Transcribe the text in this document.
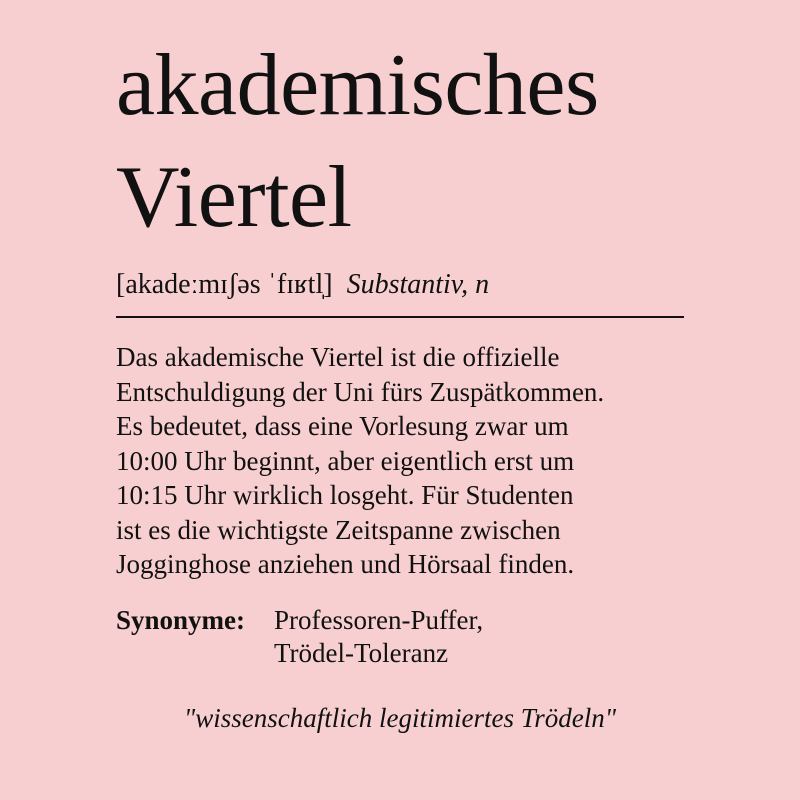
akademisches
Viertel
[akadeːmɪʃəs ˈfɪʁtl̩] Substantiv, n

Das akademische Viertel ist die offizielle
Entschuldigung der Uni fürs Zuspätkommen.
Es bedeutet, dass eine Vorlesung zwar um
10:00 Uhr beginnt, aber eigentlich erst um
10:15 Uhr wirklich losgeht. Für Studenten
ist es die wichtigste Zeitspanne zwischen
Jogginghose anziehen und Hörsaal finden.

Synonyme: Professoren-Puffer,
Trödel-Toleranz
"wissenschaftlich legitimiertes Trödeln"
